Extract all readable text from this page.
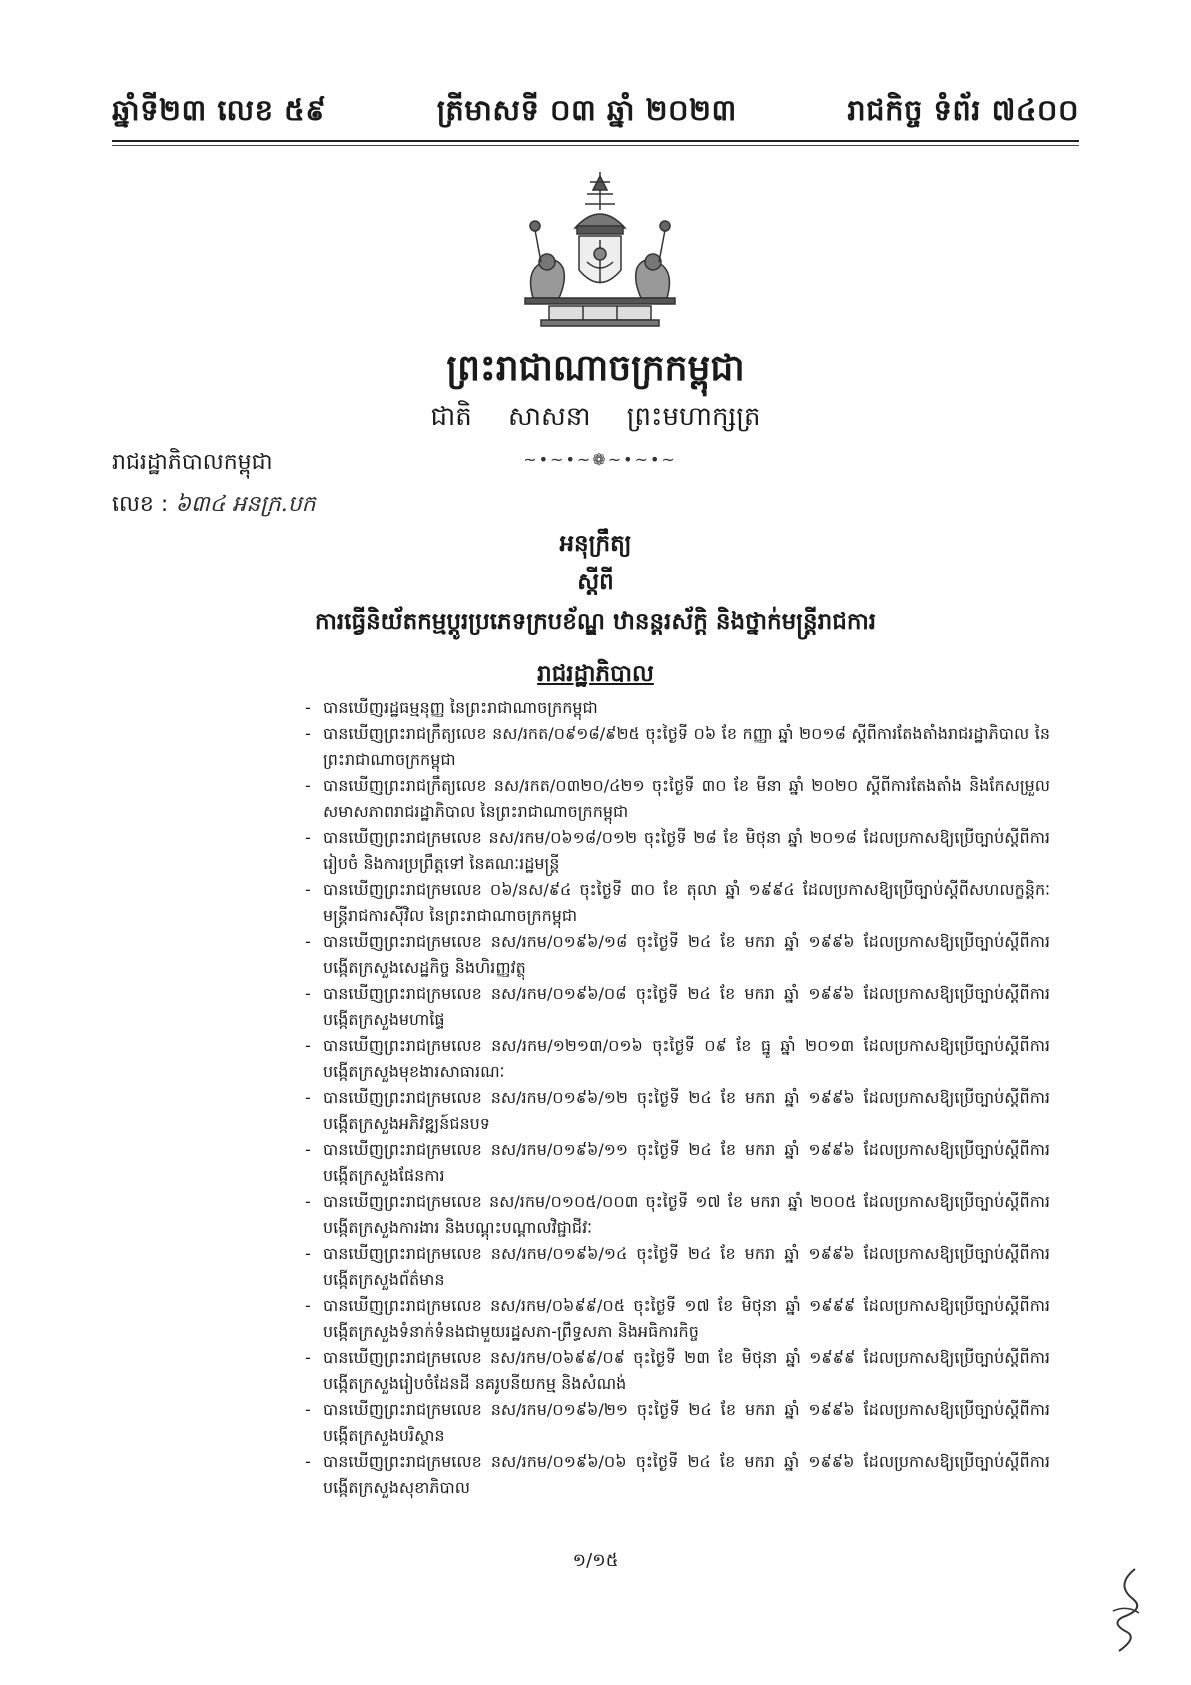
ឆ្នាំទី២៣ លេខ ៥៩	ត្រីមាសទី ០៣ ឆ្នាំ ២០២៣	រាជកិច្ច ទំព័រ ៧៤០០
ព្រះរាជាណាចក្រកម្ពុជា
ជាតិ សាសនា ព្រះមហាក្សត្រ
~•~•~❁~•~•~
រាជរដ្ឋាភិបាលកម្ពុជា
លេខ : ៦៣៤ អនក្រ.បក
អនុក្រឹត្យ
ស្តីពី
ការធ្វើនិយ័តកម្មប្តូរប្រភេទក្របខ័ណ្ឌ ឋានន្តរស័ក្តិ និងថ្នាក់មន្ត្រីរាជការ
រាជរដ្ឋាភិបាល
- បានឃើញរដ្ឋធម្មនុញ្ញ នៃព្រះរាជាណាចក្រកម្ពុជា
- បានឃើញព្រះរាជក្រឹត្យលេខ នស/រកត/០៩១៨/៩២៥ ចុះថ្ងៃទី ០៦ ខែ កញ្ញា ឆ្នាំ ២០១៨ ស្តីពីការតែងតាំងរាជរដ្ឋាភិបាល នៃព្រះរាជាណាចក្រកម្ពុជា
- បានឃើញព្រះរាជក្រឹត្យលេខ នស/រកត/០៣២០/៤២១ ចុះថ្ងៃទី ៣០ ខែ មីនា ឆ្នាំ ២០២០ ស្តីពីការតែងតាំង និងកែសម្រួលសមាសភាពរាជរដ្ឋាភិបាល នៃព្រះរាជាណាចក្រកម្ពុជា
- បានឃើញព្រះរាជក្រមលេខ នស/រកម/០៦១៨/០១២ ចុះថ្ងៃទី ២៨ ខែ មិថុនា ឆ្នាំ ២០១៨ ដែលប្រកាសឱ្យប្រើច្បាប់ស្តីពីការរៀបចំ និងការប្រព្រឹត្តទៅ នៃគណៈរដ្ឋមន្ត្រី
- បានឃើញព្រះរាជក្រមលេខ ០៦/នស/៩៤ ចុះថ្ងៃទី ៣០ ខែ តុលា ឆ្នាំ ១៩៩៤ ដែលប្រកាសឱ្យប្រើច្បាប់ស្តីពីសហលក្ខន្តិកៈមន្ត្រីរាជការស៊ីវិល នៃព្រះរាជាណាចក្រកម្ពុជា
- បានឃើញព្រះរាជក្រមលេខ នស/រកម/០១៩៦/១៨ ចុះថ្ងៃទី ២៤ ខែ មករា ឆ្នាំ ១៩៩៦ ដែលប្រកាសឱ្យប្រើច្បាប់ស្តីពីការបង្កើតក្រសួងសេដ្ឋកិច្ច និងហិរញ្ញវត្ថុ
- បានឃើញព្រះរាជក្រមលេខ នស/រកម/០១៩៦/០៨ ចុះថ្ងៃទី ២៤ ខែ មករា ឆ្នាំ ១៩៩៦ ដែលប្រកាសឱ្យប្រើច្បាប់ស្តីពីការបង្កើតក្រសួងមហាផ្ទៃ
- បានឃើញព្រះរាជក្រមលេខ នស/រកម/១២១៣/០១៦ ចុះថ្ងៃទី ០៩ ខែ ធ្នូ ឆ្នាំ ២០១៣ ដែលប្រកាសឱ្យប្រើច្បាប់ស្តីពីការបង្កើតក្រសួងមុខងារសាធារណៈ
- បានឃើញព្រះរាជក្រមលេខ នស/រកម/០១៩៦/១២ ចុះថ្ងៃទី ២៤ ខែ មករា ឆ្នាំ ១៩៩៦ ដែលប្រកាសឱ្យប្រើច្បាប់ស្តីពីការបង្កើតក្រសួងអភិវឌ្ឍន៍ជនបទ
- បានឃើញព្រះរាជក្រមលេខ នស/រកម/០១៩៦/១១ ចុះថ្ងៃទី ២៤ ខែ មករា ឆ្នាំ ១៩៩៦ ដែលប្រកាសឱ្យប្រើច្បាប់ស្តីពីការបង្កើតក្រសួងផែនការ
- បានឃើញព្រះរាជក្រមលេខ នស/រកម/០១០៥/០០៣ ចុះថ្ងៃទី ១៧ ខែ មករា ឆ្នាំ ២០០៥ ដែលប្រកាសឱ្យប្រើច្បាប់ស្តីពីការបង្កើតក្រសួងការងារ និងបណ្តុះបណ្តាលវិជ្ជាជីវៈ
- បានឃើញព្រះរាជក្រមលេខ នស/រកម/០១៩៦/១៤ ចុះថ្ងៃទី ២៤ ខែ មករា ឆ្នាំ ១៩៩៦ ដែលប្រកាសឱ្យប្រើច្បាប់ស្តីពីការបង្កើតក្រសួងព័ត៌មាន
- បានឃើញព្រះរាជក្រមលេខ នស/រកម/០៦៩៩/០៥ ចុះថ្ងៃទី ១៧ ខែ មិថុនា ឆ្នាំ ១៩៩៩ ដែលប្រកាសឱ្យប្រើច្បាប់ស្តីពីការបង្កើតក្រសួងទំនាក់ទំនងជាមួយរដ្ឋសភា-ព្រឹទ្ធសភា និងអធិការកិច្ច
- បានឃើញព្រះរាជក្រមលេខ នស/រកម/០៦៩៩/០៩ ចុះថ្ងៃទី ២៣ ខែ មិថុនា ឆ្នាំ ១៩៩៩ ដែលប្រកាសឱ្យប្រើច្បាប់ស្តីពីការបង្កើតក្រសួងរៀបចំដែនដី នគរូបនីយកម្ម និងសំណង់
- បានឃើញព្រះរាជក្រមលេខ នស/រកម/០១៩៦/២១ ចុះថ្ងៃទី ២៤ ខែ មករា ឆ្នាំ ១៩៩៦ ដែលប្រកាសឱ្យប្រើច្បាប់ស្តីពីការបង្កើតក្រសួងបរិស្ថាន
- បានឃើញព្រះរាជក្រមលេខ នស/រកម/០១៩៦/០៦ ចុះថ្ងៃទី ២៤ ខែ មករា ឆ្នាំ ១៩៩៦ ដែលប្រកាសឱ្យប្រើច្បាប់ស្តីពីការបង្កើតក្រសួងសុខាភិបាល
១/១៥
